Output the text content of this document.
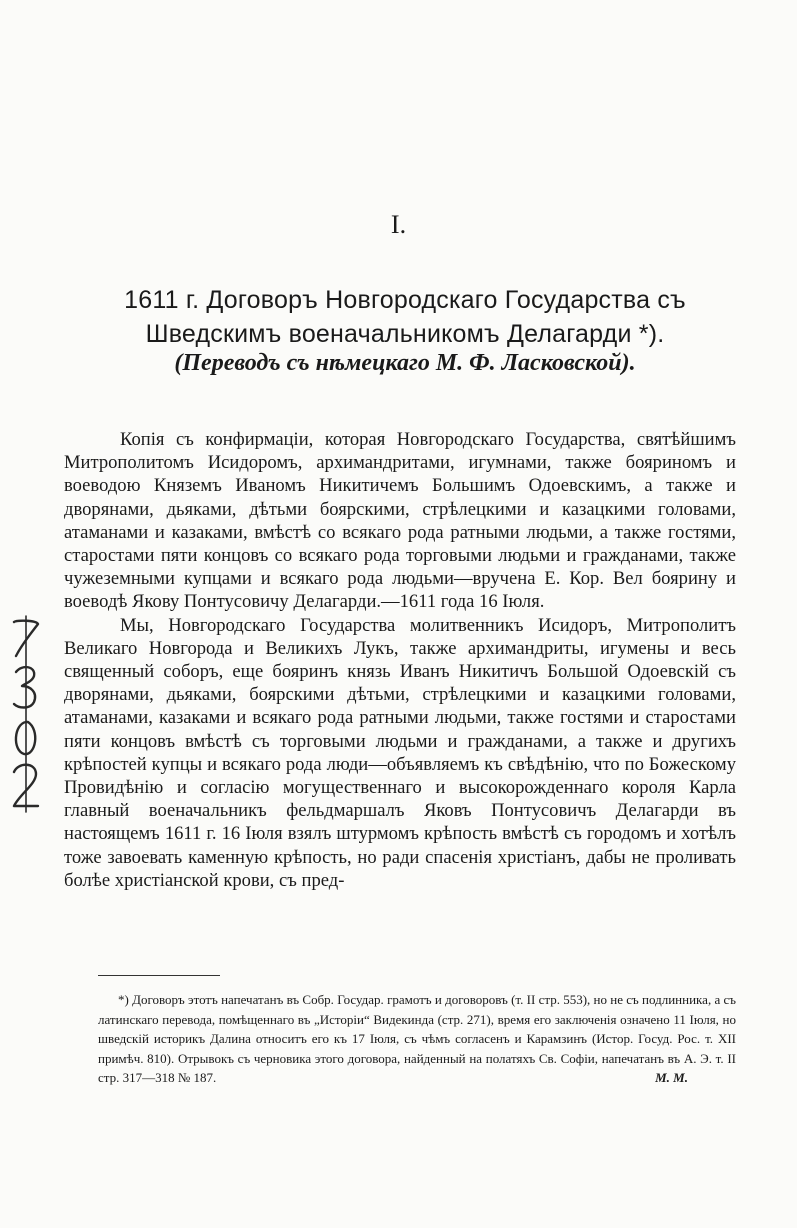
I.
1611 г. Договоръ Новгородскаго Государства съ
Шведскимъ военачальникомъ Делагарди *).
(Переводъ съ нѣмецкаго М. Ф. Ласковской).

Копія съ конфирмаціи, которая Новгородскаго Государства, святѣйшимъ Митрополитомъ Исидоромъ, архимандритами, игумнами, также бояриномъ и воеводою Княземъ Иваномъ Никитичемъ Большимъ Одоевскимъ, а также и дворянами, дьяками, дѣтьми боярскими, стрѣлецкими и казацкими головами, атаманами и казаками, вмѣстѣ со всякаго рода ратными людьми, а также гостями, старостами пяти концовъ со всякаго рода торговыми людьми и гражданами, также чужеземными купцами и всякаго рода людьми—вручена Е. Кор. Вел боярину и воеводѣ Якову Понтусовичу Делагарди.—1611 года 16 Іюля.

Мы, Новгородскаго Государства молитвенникъ Исидоръ, Митрополитъ Великаго Новгорода и Великихъ Лукъ, также архимандриты, игумены и весь священный соборъ, еще бояринъ князь Иванъ Никитичъ Большой Одоевскій съ дворянами, дьяками, боярскими дѣтьми, стрѣлецкими и казацкими головами, атаманами, казаками и всякаго рода ратными людьми, также гостями и старостами пяти концовъ вмѣстѣ съ торговыми людьми и гражданами, а также и другихъ крѣпостей купцы и всякаго рода люди—объявляемъ къ свѣдѣнію, что по Божескому Провидѣнію и согласію могущественнаго и высокорожденнаго короля Карла главный военачальникъ фельдмаршалъ Яковъ Понтусовичъ Делагарди въ настоящемъ 1611 г. 16 Іюля взялъ штурмомъ крѣпость вмѣстѣ съ городомъ и хотѣлъ тоже завоевать каменную крѣпость, но ради спасенія христіанъ, дабы не проливать болѣе христіанской крови, съ пред-

*) Договоръ этотъ напечатанъ въ Собр. Государ. грамотъ и договоровъ (т. II стр. 553), но не съ подлинника, а съ латинскаго перевода, помѣщеннаго въ „Исторіи“ Видекинда (стр. 271), время его заключенія означено 11 Іюля, но шведскій историкъ Далина относитъ его къ 17 Іюля, съ чѣмъ согласенъ и Карамзинъ (Истор. Госуд. Рос. т. XII примѣч. 810). Отрывокъ съ черновика этого договора, найденный на полатяхъ Св. Софіи, напечатанъ въ А. Э. т. II стр. 317—318 № 187.	М. М.
